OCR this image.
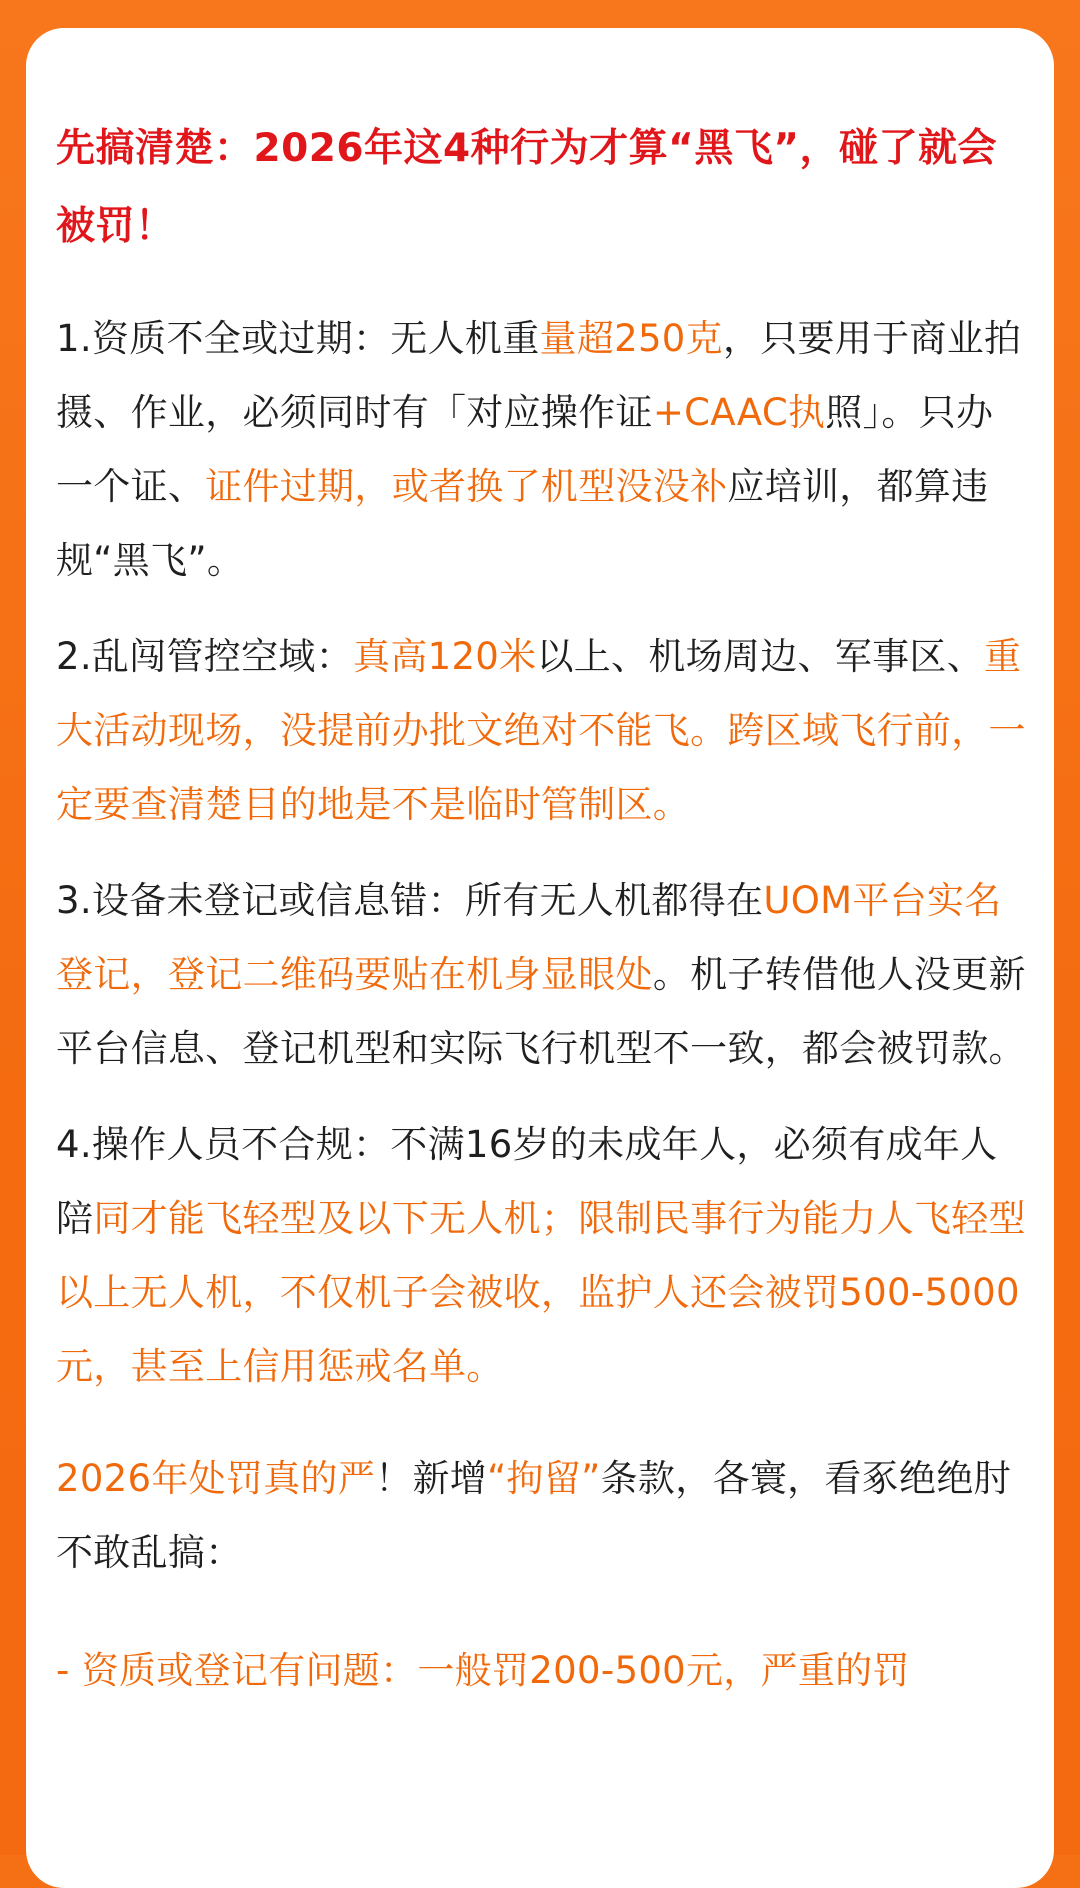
先搞清楚：2026年这4种行为才算“黑飞”，碰了就会被罚！
1.资质不全或过期：无人机重量超250克，只要用于商业拍摄、作业，必须同时有「对应操作证+CAAC执照」。只办一个证、证件过期，或者换了机型没没补应培训，都算违规“黑飞”。
2.乱闯管控空域：真高120米以上、机场周边、军事区、重大活动现场，没提前办批文绝对不能飞。跨区域飞行前，一定要查清楚目的地是不是临时管制区。
3.设备未登记或信息错：所有无人机都得在UOM平台实名登记，登记二维码要贴在机身显眼处。机子转借他人没更新平台信息、登记机型和实际飞行机型不一致，都会被罚款。
4.操作人员不合规：不满16岁的未成年人，必须有成年人陪同才能飞轻型及以下无人机；限制民事行为能力人飞轻型以上无人机，不仅机子会被收，监护人还会被罚500-5000元，甚至上信用惩戒名单。
2026年处罚真的严！新增“拘留”条款，各寰，看豖绝绝肘不敢乱搞：
- 资质或登记有问题：一般罚200-500元，严重的罚
